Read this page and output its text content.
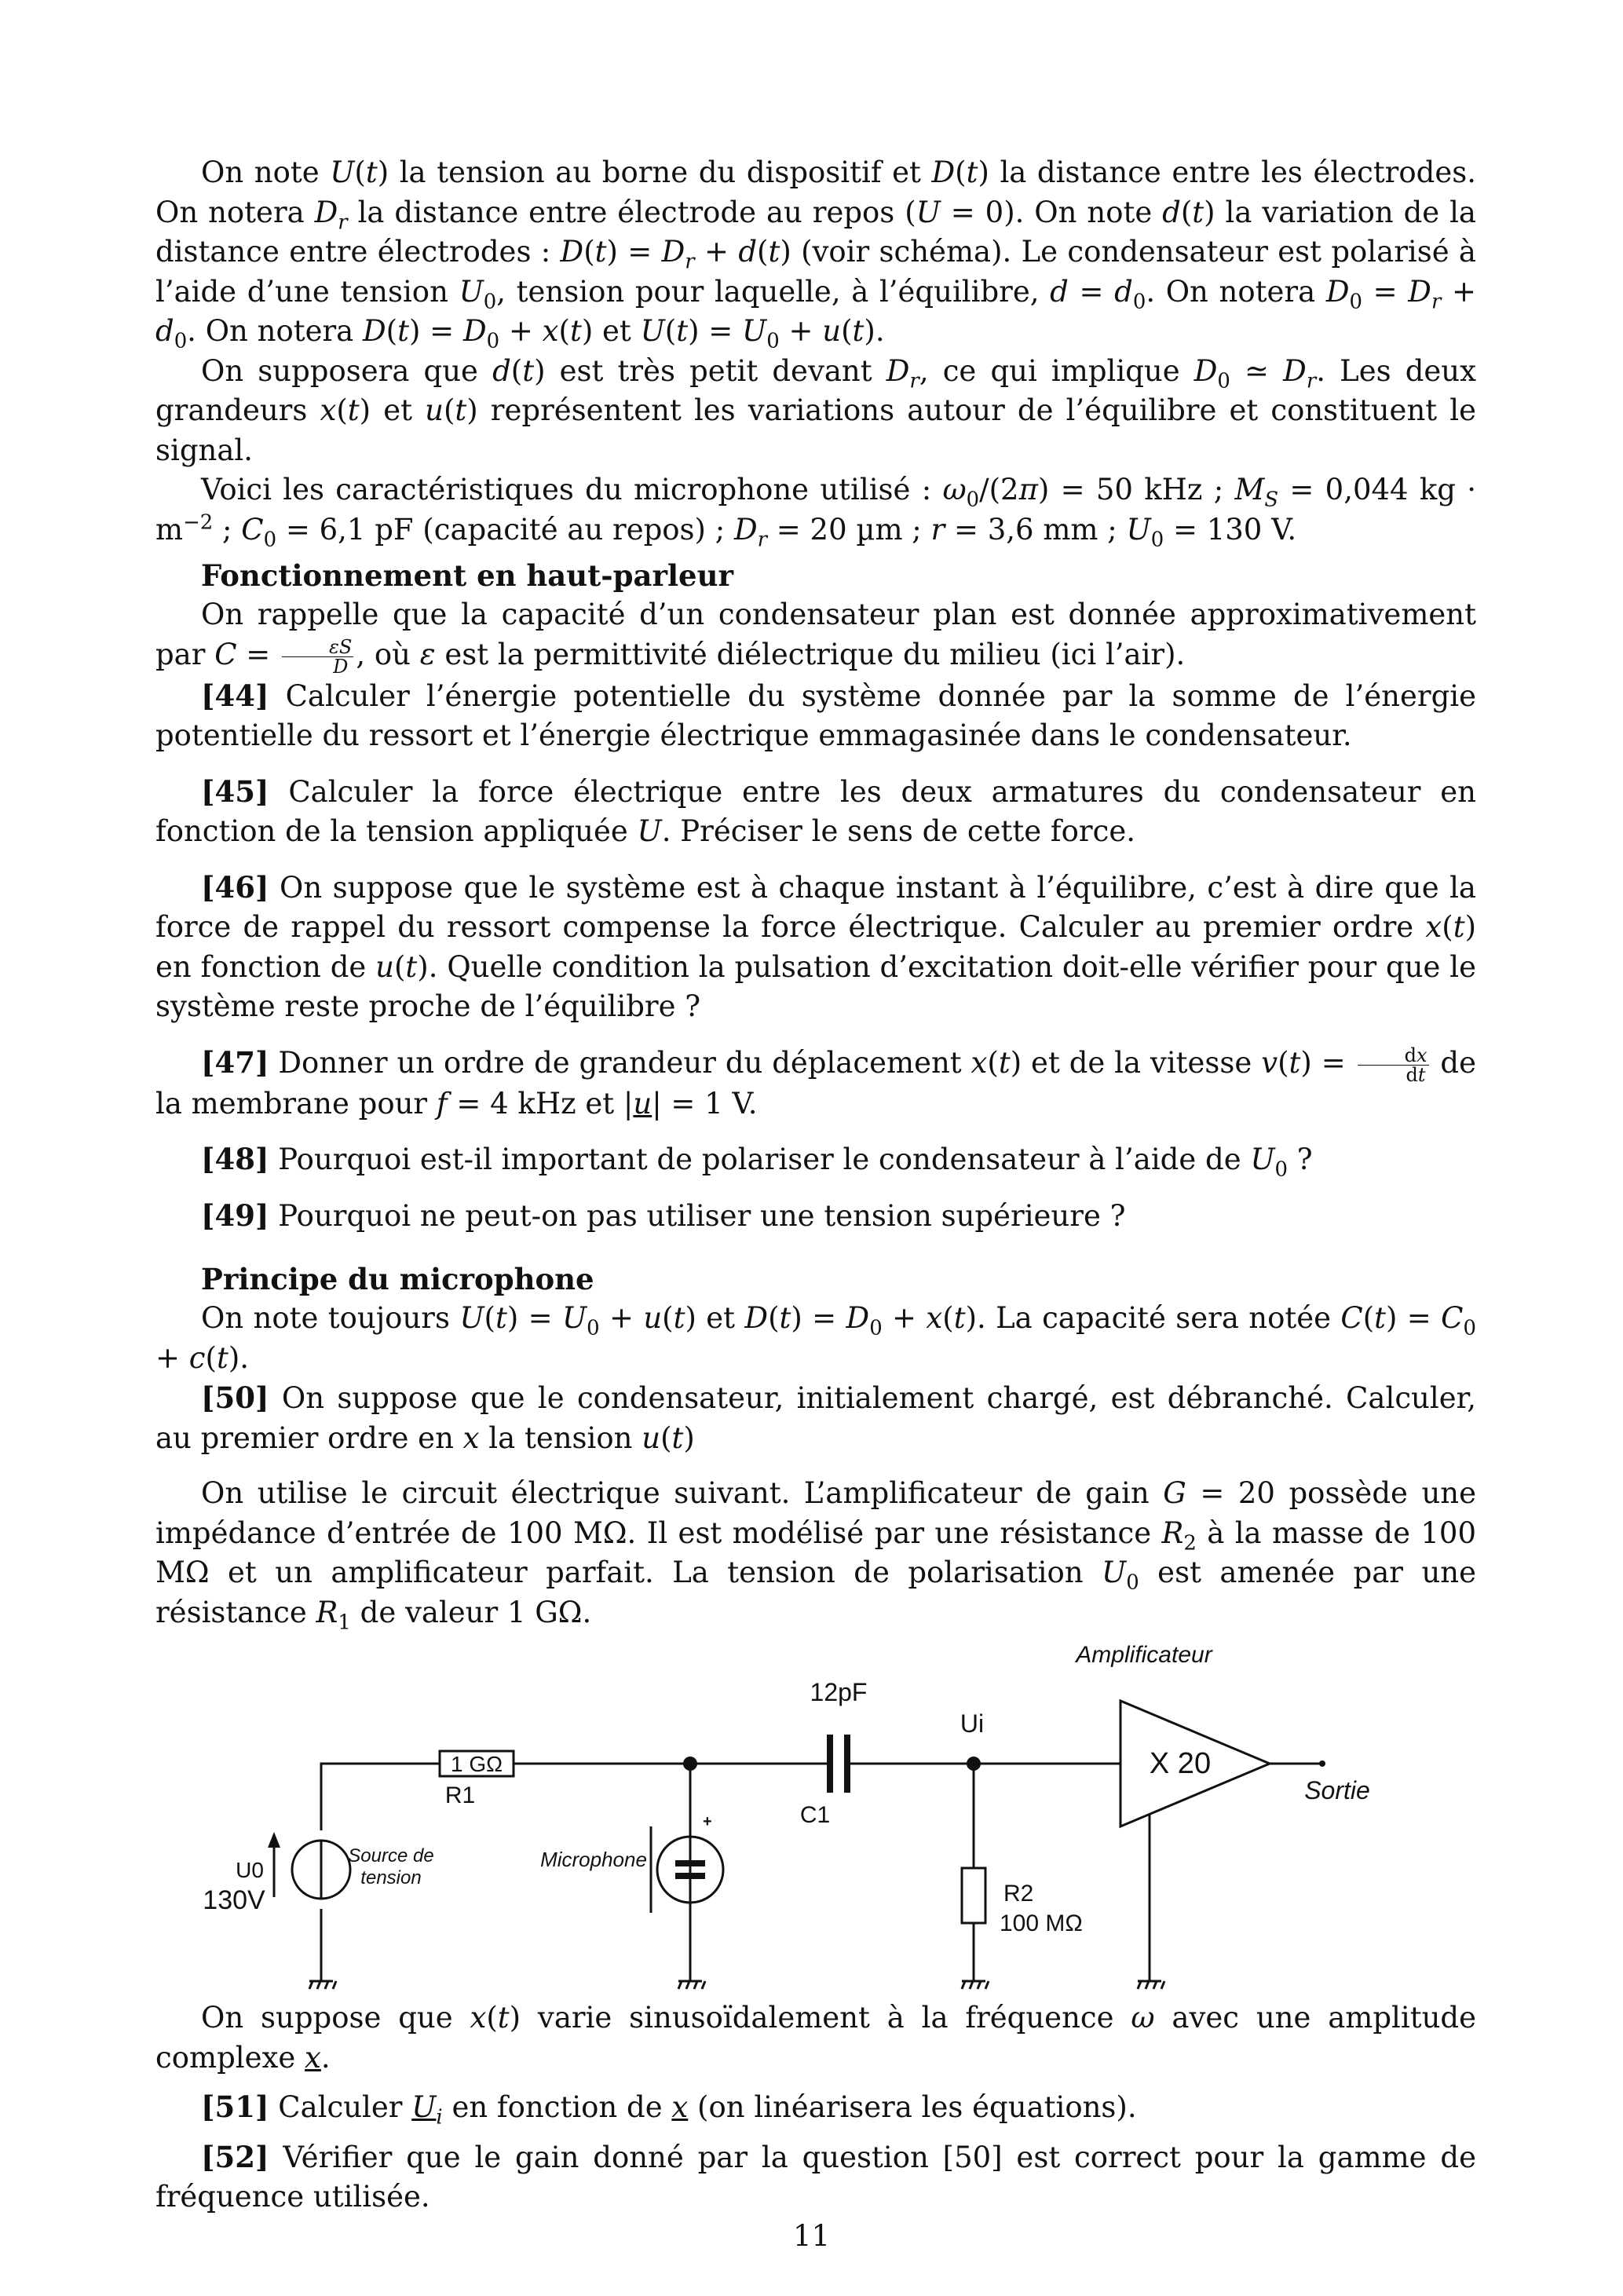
On note U(t) la tension au borne du dispositif et D(t) la distance entre les électrodes. On notera $D_r$ la distance entre électrode au repos (U = 0). On note d(t) la variation de la distance entre électrodes : $D(t) = D_r + d(t)$ (voir schéma). Le condensateur est polarisé à l’aide d’une tension $U_0$, tension pour laquelle, à l’équilibre, $d = d_0$. On notera $D_0 = D_r + d_0$. On notera $D(t) = D_0 + x(t)$ et $U(t) = U_0 + u(t)$.

On supposera que d(t) est très petit devant $D_r$, ce qui implique $D_0$ ≃ $D_r$. Les deux grandeurs x(t) et u(t) représentent les variations autour de l’équilibre et constituent le signal.

Voici les caractéristiques du microphone utilisé : $\omega_0/(2\pi) = 50$ kHz ; $M_S = 0,044$ kg · $m^{-2}$ ; $C_0 = 6,1$ pF (capacité au repos) ; $D_r = 20$ µm ; r = 3,6 mm ; $U_0 = 130$ V.

Fonctionnement en haut-parleur

On rappelle que la capacité d’un condensateur plan est donnée approximativement par $C = \frac{\varepsilon S}{D}$ , où ε est la permittivité diélectrique du milieu (ici l’air).

[44] Calculer l’énergie potentielle du système donnée par la somme de l’énergie potentielle du ressort et l’énergie électrique emmagasinée dans le condensateur.

[45] Calculer la force électrique entre les deux armatures du condensateur en fonction de la tension appliquée U. Préciser le sens de cette force.

[46] On suppose que le système est à chaque instant à l’équilibre, c’est à dire que la force de rappel du ressort compense la force électrique. Calculer au premier ordre x(t) en fonction de u(t). Quelle condition la pulsation d’excitation doit-elle vérifier pour que le système reste proche de l’équilibre ?

[47] Donner un ordre de grandeur du déplacement x(t) et de la vitesse $v(t) = \frac{dx}{dt}$ de la membrane pour f = 4 kHz et |u| = 1 V.

[48] Pourquoi est-il important de polariser le condensateur à l’aide de $U_0$ ?

[49] Pourquoi ne peut-on pas utiliser une tension supérieure ?

Principe du microphone

On note toujours $U(t) = U_0 + u(t)$ et $D(t) = D_0 + x(t)$. La capacité sera notée $C(t) = C_0 + c(t)$.

[50] On suppose que le condensateur, initialement chargé, est débranché. Calculer, au premier ordre en x la tension u(t)

On utilise le circuit électrique suivant. L’amplificateur de gain G = 20 possède une impédance d’entrée de 100 MΩ. Il est modélisé par une résistance $R_2$ à la masse de 100 MΩ et un amplificateur parfait. La tension de polarisation $U_0$ est amenée par une résistance $R_1$ de valeur 1 GΩ.

1 GΩ
R1
12pF
C1
Ui
R2
100 MΩ
U0
130V
Source de
tension
Microphone
+
Amplificateur
X 20
Sortie

On suppose que x(t) varie sinusoïdalement à la fréquence ω avec une amplitude complexe x.

[51] Calculer $U_i$ en fonction de x (on linéarisera les équations).

[52] Vérifier que le gain donné par la question [50] est correct pour la gamme de fréquence utilisée.

11
